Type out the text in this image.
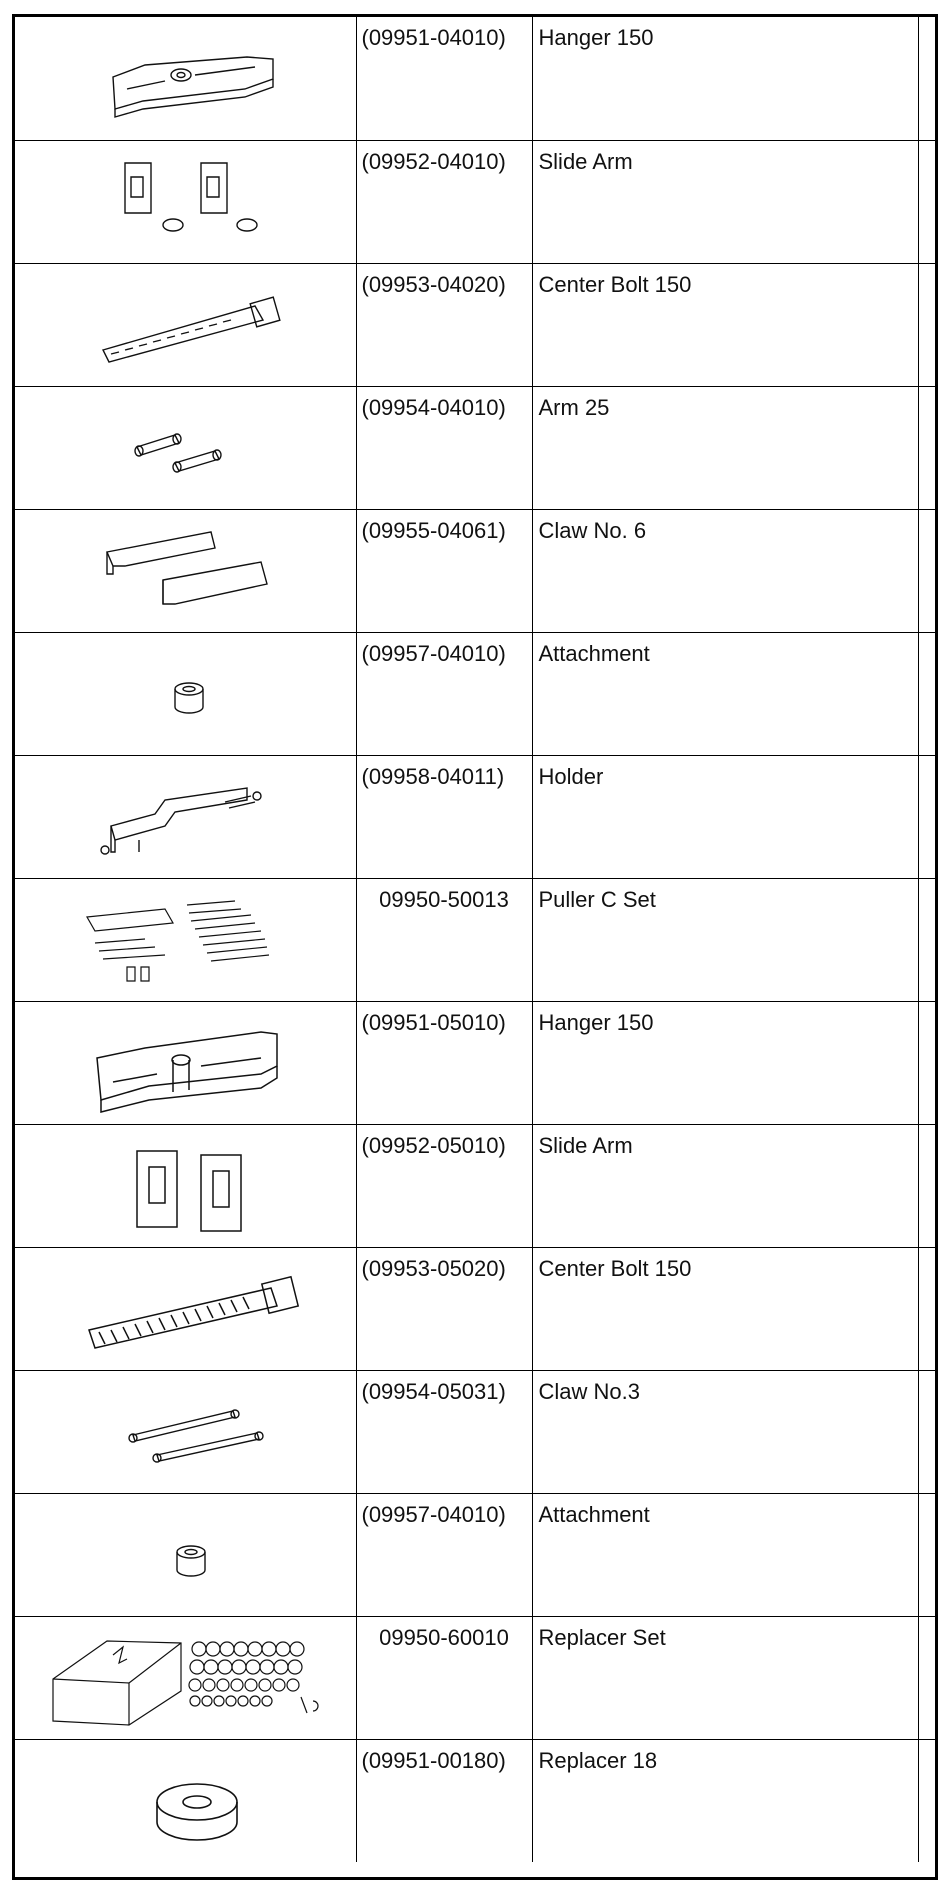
(09951-04010)	Hanger 150	

(09952-04010)	Slide Arm	

(09953-04020)	Center Bolt 150	

(09954-04010)	Arm 25	

(09955-04061)	Claw No. 6	

(09957-04010)	Attachment	

(09958-04011)	Holder	

09950-50013	Puller C Set	

(09951-05010)	Hanger 150	

(09952-05010)	Slide Arm	

(09953-05020)	Center Bolt 150	

(09954-05031)	Claw No.3	

(09957-04010)	Attachment	

09950-60010	Replacer Set	

(09951-00180)	Replacer 18	
